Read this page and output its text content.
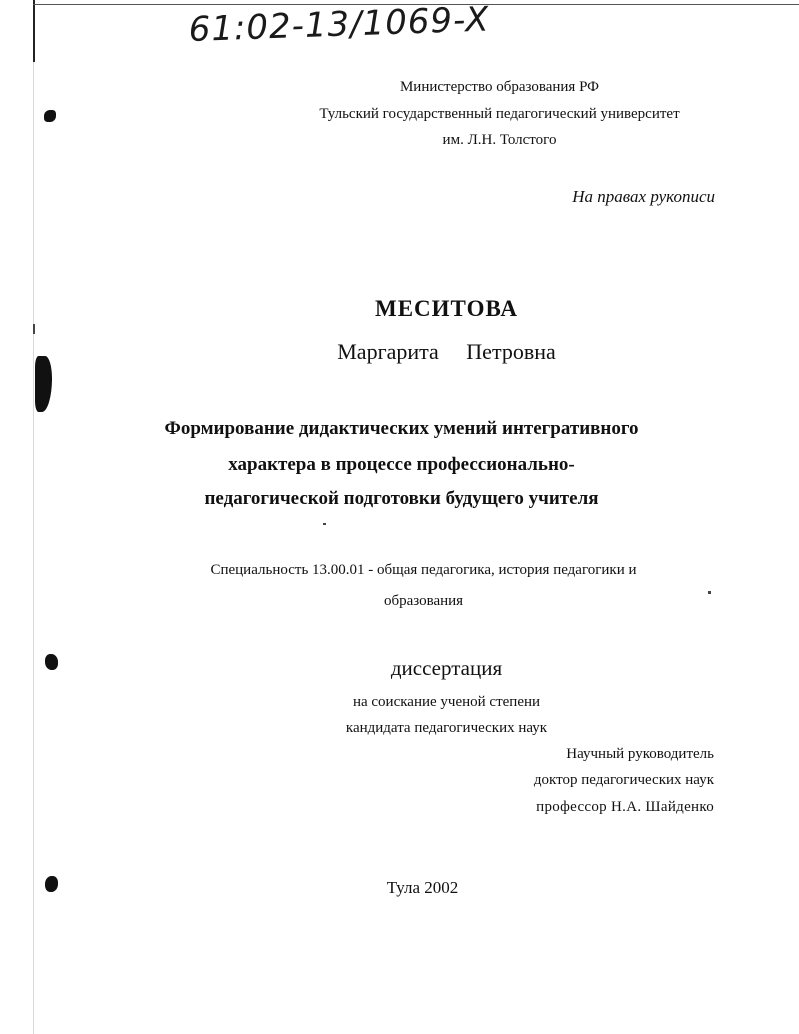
61:02-13/1069-X
Министерство образования РФ
Тульский государственный педагогический университет
им. Л.Н. Толстого
На правах рукописи
МЕСИТОВА
Маргарита Петровна
Формирование дидактических умений интегративного
характера в процессе профессионально-
педагогической подготовки будущего учителя
Специальность 13.00.01 - общая педагогика, история педагогики и
образования
диссертация
на соискание ученой степени
кандидата педагогических наук
Научный руководитель
доктор педагогических наук
профессор Н.А. Шайденко
Тула 2002
